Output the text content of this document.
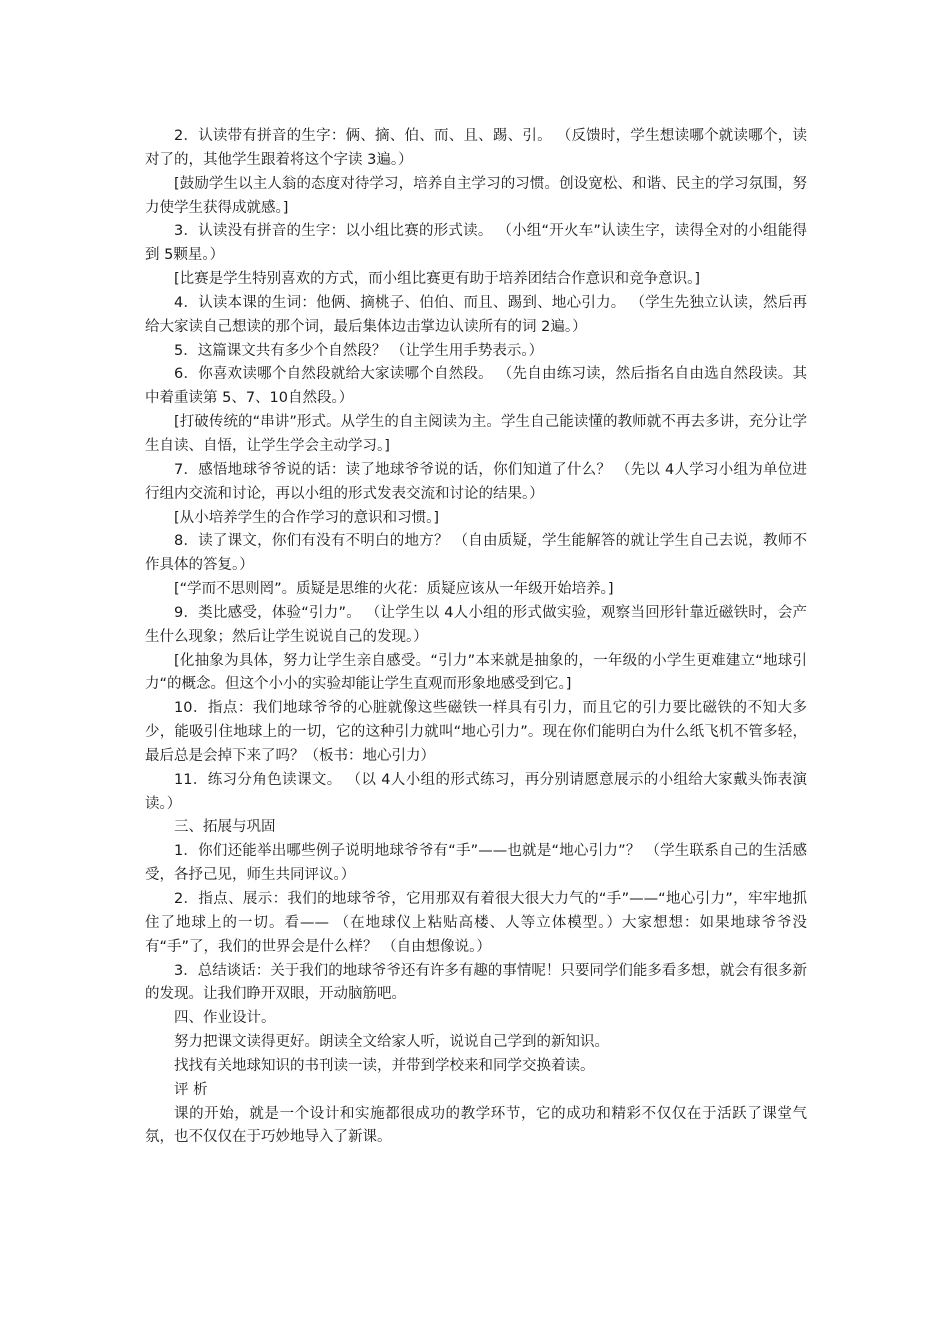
2．认读带有拼音的生字：俩、摘、伯、而、且、踢、引。 （反馈时，学生想读哪个就读哪个，读对了的，其他学生跟着将这个字读 3遍。）

[鼓励学生以主人翁的态度对待学习，培养自主学习的习惯。创设宽松、和谐、民主的学习氛围，努力使学生获得成就感。]

3．认读没有拼音的生字：以小组比赛的形式读。 （小组“开火车”认读生字，读得全对的小组能得到 5颗星。）

[比赛是学生特别喜欢的方式，而小组比赛更有助于培养团结合作意识和竞争意识。]

4．认读本课的生词：他俩、摘桃子、伯伯、而且、踢到、地心引力。 （学生先独立认读，然后再给大家读自己想读的那个词，最后集体边击掌边认读所有的词 2遍。）

5．这篇课文共有多少个自然段？ （让学生用手势表示。）

6．你喜欢读哪个自然段就给大家读哪个自然段。 （先自由练习读，然后指名自由选自然段读。其中着重读第 5、7、10自然段。）

[打破传统的“串讲”形式。从学生的自主阅读为主。学生自己能读懂的教师就不再去多讲，充分让学生自读、自悟，让学生学会主动学习。]

7．感悟地球爷爷说的话：读了地球爷爷说的话，你们知道了什么？ （先以 4人学习小组为单位进行组内交流和讨论，再以小组的形式发表交流和讨论的结果。）

[从小培养学生的合作学习的意识和习惯。]

8．读了课文，你们有没有不明白的地方？ （自由质疑，学生能解答的就让学生自己去说，教师不作具体的答复。）

[“学而不思则罔”。质疑是思维的火花：质疑应该从一年级开始培养。]

9．类比感受，体验“引力”。 （让学生以 4人小组的形式做实验，观察当回形针靠近磁铁时，会产生什么现象；然后让学生说说自己的发现。）

[化抽象为具体，努力让学生亲自感受。“引力”本来就是抽象的，一年级的小学生更难建立“地球引力“的概念。但这个小小的实验却能让学生直观而形象地感受到它。]

10．指点：我们地球爷爷的心脏就像这些磁铁一样具有引力，而且它的引力要比磁铁的不知大多少，能吸引住地球上的一切，它的这种引力就叫“地心引力”。现在你们能明白为什么纸飞机不管多轻，最后总是会掉下来了吗？（板书：地心引力）

11．练习分角色读课文。 （以 4人小组的形式练习，再分别请愿意展示的小组给大家戴头饰表演读。）

三、拓展与巩固

1．你们还能举出哪些例子说明地球爷爷有“手”——也就是“地心引力”？ （学生联系自己的生活感受，各抒己见，师生共同评议。）

2．指点、展示：我们的地球爷爷，它用那双有着很大很大力气的“手”——“地心引力”，牢牢地抓住了地球上的一切。看—— （在地球仪上粘贴高楼、人等立体模型。）大家想想：如果地球爷爷没有“手”了，我们的世界会是什么样？ （自由想像说。）

3．总结谈话：关于我们的地球爷爷还有许多有趣的事情呢！只要同学们能多看多想，就会有很多新的发现。让我们睁开双眼，开动脑筋吧。

四、作业设计。

努力把课文读得更好。朗读全文给家人听，说说自己学到的新知识。

找找有关地球知识的书刊读一读，并带到学校来和同学交换着读。

评 析

课的开始，就是一个设计和实施都很成功的教学环节，它的成功和精彩不仅仅在于活跃了课堂气氛，也不仅仅在于巧妙地导入了新课。
